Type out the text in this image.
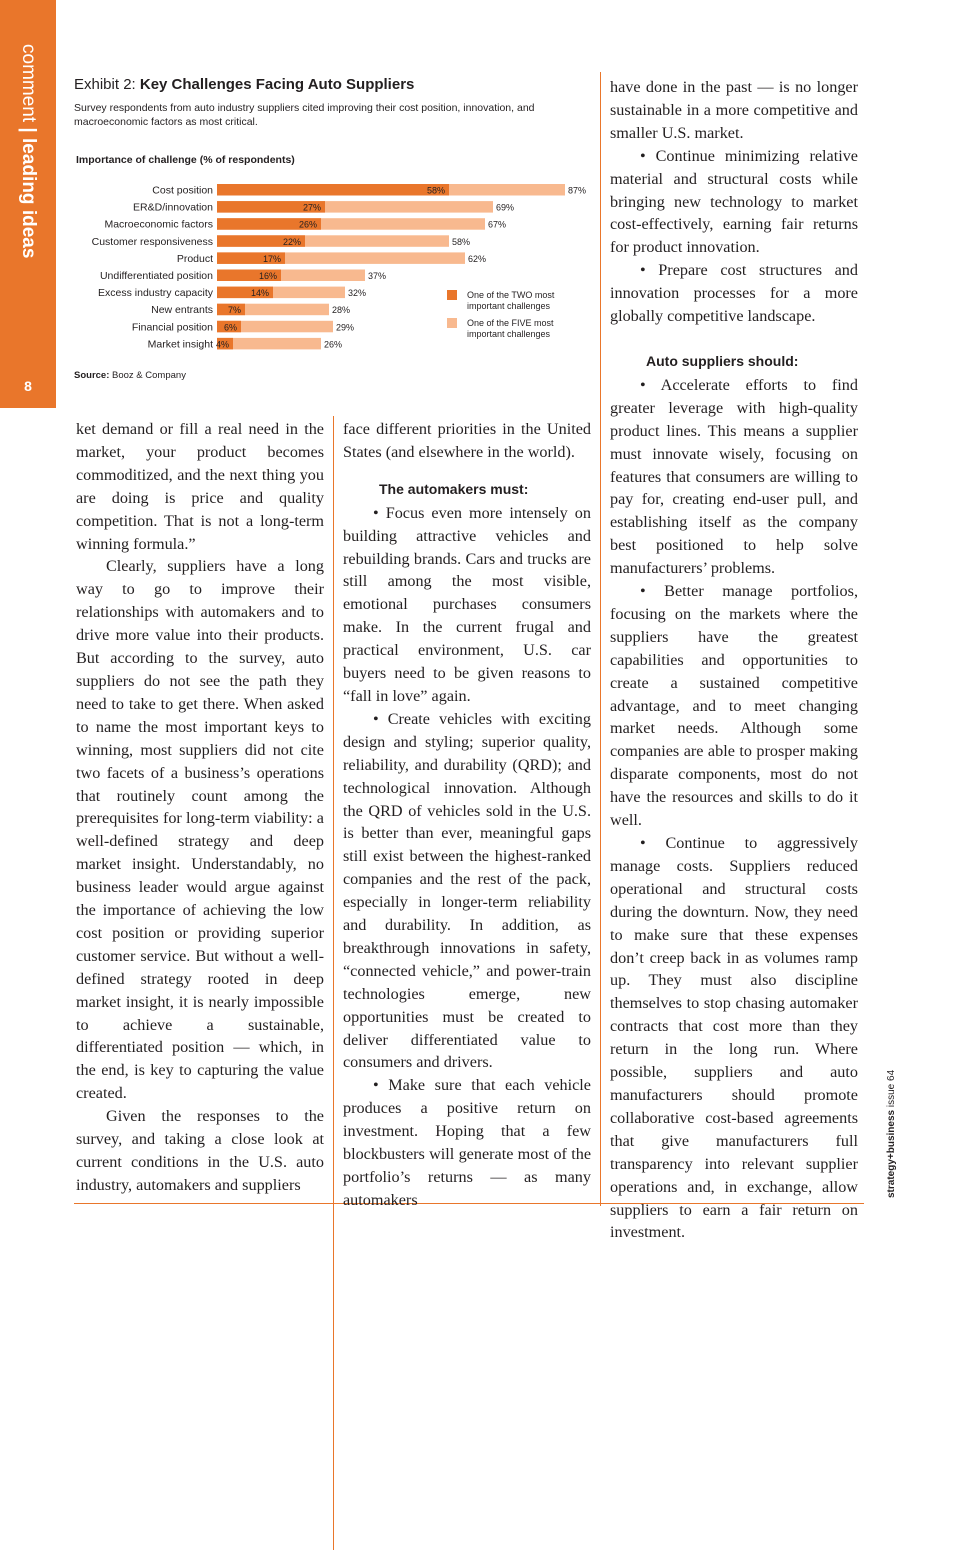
comment | leading ideas
8

Exhibit 2: Key Challenges Facing Auto Suppliers

Survey respondents from auto industry suppliers cited improving their cost position, innovation, and macroeconomic factors as most critical.

Importance of challenge (% of respondents)

Cost position	58%	87%
ER&D/innovation	27%	69%
Macroeconomic factors	26%	67%
Customer responsiveness	22%	58%
Product	17%	62%
Undifferentiated position	16%	37%
Excess industry capacity	14%	32%
New entrants 7%	28%
Financial position 6%	29%
Market insight 4%	26%
One of the TWO most
important challenges
One of the FIVE most
important challenges
Source: Booz & Company

ket demand or fill a real need in the market, your product becomes commoditized, and the next thing you are doing is price and quality competition. That is not a long-term winning formula.”

Clearly, suppliers have a long way to go to improve their relationships with automakers and to drive more value into their products. But according to the survey, auto suppliers do not see the path they need to take to get there. When asked to name the most important keys to winning, most suppliers did not cite two facets of a business’s operations that routinely count among the prerequisites for long-term viability: a well-defined strategy and deep market insight. Understandably, no business leader would argue against the importance of achieving the low cost position or providing superior customer service. But without a well-defined strategy rooted in deep market insight, it is nearly impossible to achieve a sustainable, differentiated position — which, in the end, is key to capturing the value created.

Given the responses to the survey, and taking a close look at current conditions in the U.S. auto industry, automakers and suppliers

face different priorities in the United States (and elsewhere in the world).

The automakers must:

• Focus even more intensely on building attractive vehicles and rebuilding brands. Cars and trucks are still among the most visible, emotional purchases consumers make. In the current frugal and practical environment, U.S. car buyers need to be given reasons to “fall in love” again.

• Create vehicles with exciting design and styling; superior quality, reliability, and durability (QRD); and technological innovation. Although the QRD of vehicles sold in the U.S. is better than ever, meaningful gaps still exist between the highest-ranked companies and the rest of the pack, especially in longer-term reliability and durability. In addition, as breakthrough innovations in safety, “connected vehicle,” and power-train technologies emerge, new opportunities must be created to deliver differentiated value to consumers and drivers.

• Make sure that each vehicle produces a positive return on investment. Hoping that a few blockbusters will generate most of the portfolio’s returns — as many automakers

have done in the past — is no longer sustainable in a more competitive and smaller U.S. market.

• Continue minimizing relative material and structural costs while bringing new technology to market cost-effectively, earning fair returns for product innovation.

• Prepare cost structures and innovation processes for a more globally competitive landscape.

Auto suppliers should:

• Accelerate efforts to find greater leverage with high-quality product lines. This means a supplier must innovate wisely, focusing on features that consumers are willing to pay for, creating end-user pull, and establishing itself as the company best positioned to help solve manufacturers’ problems.

• Better manage portfolios, focusing on the markets where the suppliers have the greatest capabilities and opportunities to create a sustained competitive advantage, and to meet changing market needs. Although some companies are able to prosper making disparate components, most do not have the resources and skills to do it well.

• Continue to aggressively manage costs. Suppliers reduced operational and structural costs during the downturn. Now, they need to make sure that these expenses don’t creep back in as volumes ramp up. They must also discipline themselves to stop chasing automaker contracts that cost more than they return in the long run. Where possible, suppliers and auto manufacturers should promote collaborative cost-based agreements that give manufacturers full transparency into relevant supplier operations and, in exchange, allow suppliers to earn a fair return on investment.

strategy+business issue 64
